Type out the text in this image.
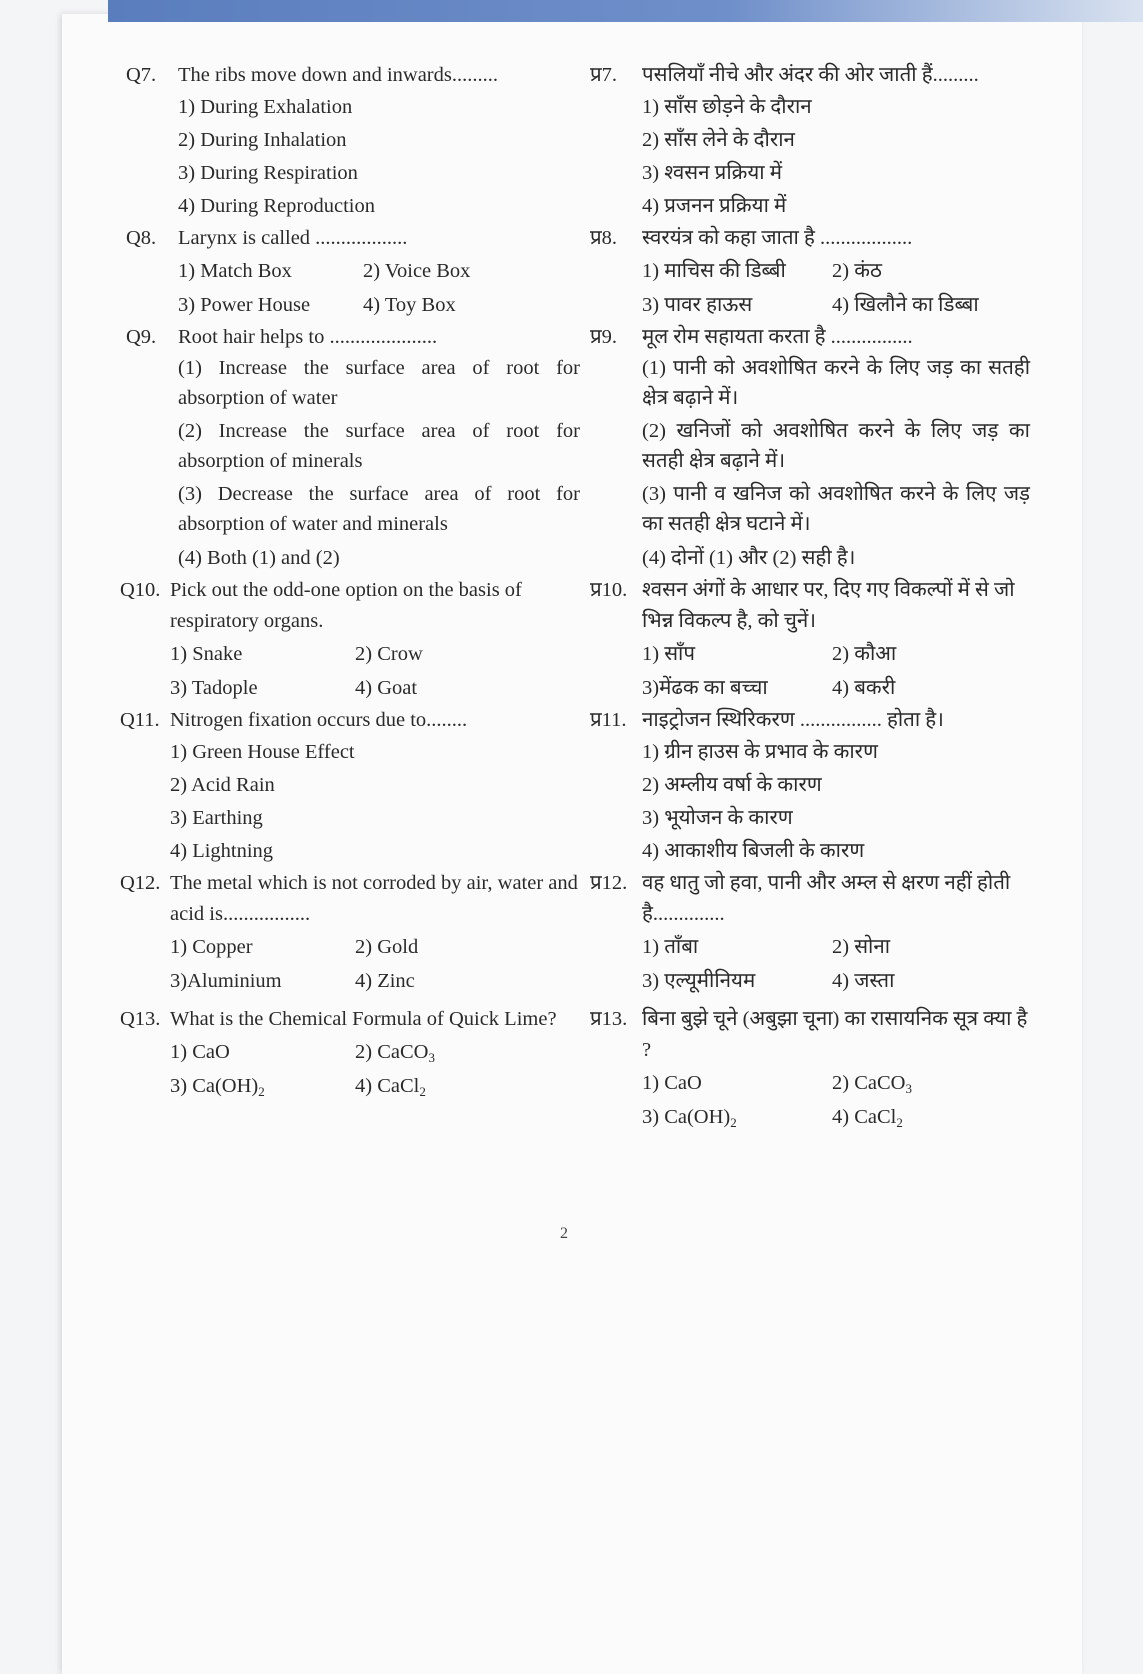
Q7. The ribs move down and inwards.........
1) During Exhalation
2) During Inhalation
3) During Respiration
4) During Reproduction
Q8. Larynx is called ..................
1) Match Box	2) Voice Box
3) Power House	4) Toy Box
Q9. Root hair helps to .....................
(1) Increase the surface area of root for absorption of water
(2) Increase the surface area of root for absorption of minerals
(3) Decrease the surface area of root for absorption of water and minerals
(4) Both (1) and (2)
Q10. Pick out the odd-one option on the basis of respiratory organs.
1) Snake	2) Crow
3) Tadople	4) Goat
Q11. Nitrogen fixation occurs due to........
1) Green House Effect
2) Acid Rain
3) Earthing
4) Lightning
Q12. The metal which is not corroded by air, water and acid is.................
1) Copper	2) Gold
3)Aluminium	4) Zinc
Q13. What is the Chemical Formula of Quick Lime?
1) CaO	2) CaCO$_3$
3) $Ca(OH)_2$	4) CaCl$_2$
प्र7. पसलियाँ नीचे और अंदर की ओर जाती हैं.........
1) साँस छोड़ने के दौरान
2) साँस लेने के दौरान
3) श्वसन प्रक्रिया में
4) प्रजनन प्रक्रिया में
प्र8. स्वरयंत्र को कहा जाता है ..................
1) माचिस की डिब्बी	2) कंठ
3) पावर हाऊस	4) खिलौने का डिब्बा
प्र9. मूल रोम सहायता करता है ................
(1) पानी को अवशोषित करने के लिए जड़ का सतही क्षेत्र बढ़ाने में।
(2) खनिजों को अवशोषित करने के लिए जड़ का सतही क्षेत्र बढ़ाने में।
(3) पानी व खनिज को अवशोषित करने के लिए जड़ का सतही क्षेत्र घटाने में।
(4) दोनों (1) और (2) सही है।
प्र10. श्वसन अंगों के आधार पर, दिए गए विकल्पों में से जो भिन्न विकल्प है, को चुनें।
1) साँप	2) कौआ
3)मेंढक का बच्चा	4) बकरी
प्र11. नाइट्रोजन स्थिरिकरण ................ होता है।
1) ग्रीन हाउस के प्रभाव के कारण
2) अम्लीय वर्षा के कारण
3) भूयोजन के कारण
4) आकाशीय बिजली के कारण
प्र12. वह धातु जो हवा, पानी और अम्ल से क्षरण नहीं होती है..............
1) ताँबा	2) सोना
3) एल्यूमीनियम	4) जस्ता
प्र13. बिना बुझे चूने (अबुझा चूना) का रासायनिक सूत्र क्या है ?
1) CaO	2) CaCO$_3$
3) $Ca(OH)_2$	4) CaCl$_2$
2
